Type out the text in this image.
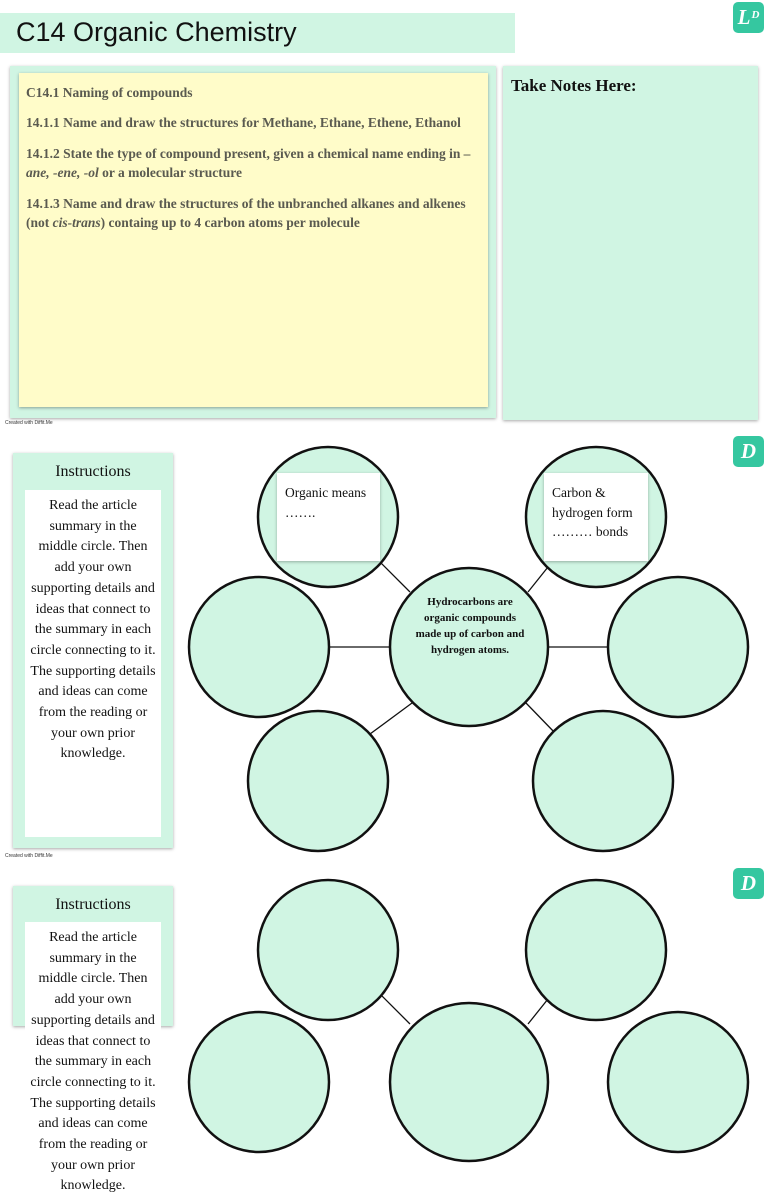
C14 Organic Chemistry	$L^D$

C14.1 Naming of compounds

14.1.1 Name and draw the structures for Methane, Ethane, Ethene, Ethanol

14.1.2 State the type of compound present, given a chemical name ending in –ane, -ene, -ol or a molecular structure

14.1.3 Name and draw the structures of the unbranched alkanes and alkenes (not cis-trans) containg up to 4 carbon atoms per molecule

Take Notes Here:
Created with Diffit.Me
D
Instructions
Read the article summary in the middle circle. Then add your own supporting details and ideas that connect to the summary in each circle connecting to it. The supporting details and ideas can come from the reading or your own prior knowledge.
Organic means …….
Carbon & hydrogen form ……… bonds
Hydrocarbons are organic compounds made up of carbon and hydrogen atoms.
Created with Diffit.Me
D
Instructions
Read the article summary in the middle circle. Then add your own supporting details and ideas that connect to the summary in each circle connecting to it. The supporting details and ideas can come from the reading or your own prior knowledge.
